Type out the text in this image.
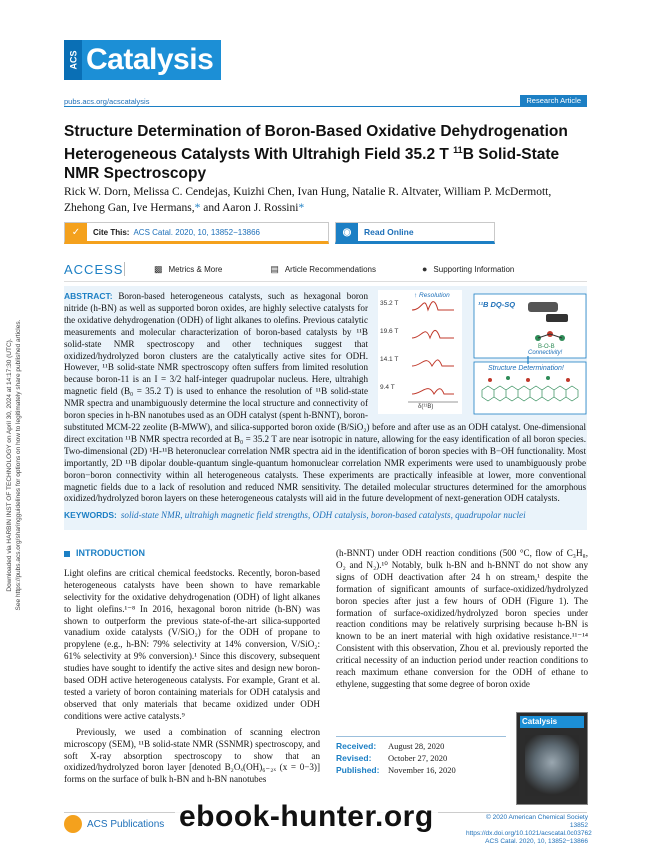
Downloaded via HARBIN INST OF TECHNOLOGY on April 30, 2024 at 14:17:30 (UTC). See https://pubs.acs.org/sharingguidelines for options on how to legitimately share published articles.
ACS Catalysis
pubs.acs.org/acscatalysis	Research Article
Structure Determination of Boron-Based Oxidative Dehydrogenation Heterogeneous Catalysts With Ultrahigh Field 35.2 T $^{11}$B Solid-State NMR Spectroscopy
Rick W. Dorn, Melissa C. Cendejas, Kuizhi Chen, Ivan Hung, Natalie R. Altvater, William P. McDermott, Zhehong Gan, Ive Hermans,* and Aaron J. Rossini*
✓	Cite This: ACS Catal. 2020, 10, 13852−13866	◉	Read Online
ACCESS	▩ Metrics & More	▤ Article Recommendations	● Supporting Information
ABSTRACT: Boron-based heterogeneous catalysts, such as hexagonal boron nitride (h-BN) as well as supported boron oxides, are highly selective catalysts for the oxidative dehydrogenation (ODH) of light alkanes to olefins. Previous catalytic measurements and molecular characterization of boron-based catalysts by ¹¹B solid-state NMR spectroscopy and other techniques suggest that oxidized/hydrolyzed boron clusters are the catalytically active sites for ODH. However, ¹¹B solid-state NMR spectroscopy often suffers from limited resolution because boron-11 is an I = 3/2 half-integer quadrupolar nucleus. Here, ultrahigh magnetic field (B₀ = 35.2 T) is used to enhance the resolution of ¹¹B solid-state NMR spectra and unambiguously determine the local structure and connectivity of boron species in h-BN nanotubes used as an ODH catalyst (spent h-BNNT), boron-substituted MCM-22 zeolite (B-MWW), and silica-supported boron oxide (B/SiO₂) before and after use as an ODH catalyst. One-dimensional direct excitation ¹¹B NMR spectra recorded at B₀ = 35.2 T are near isotropic in nature, allowing for the easy identification of all boron species. Two-dimensional (2D) ¹H-¹¹B heteronuclear correlation NMR spectra aid in the identification of boron species with B−OH functionality. Most importantly, 2D ¹¹B dipolar double-quantum single-quantum homonuclear correlation NMR experiments were used to unambiguously probe boron−boron connectivity within all heterogeneous catalysts. These experiments are practically infeasible at lower, more conventional magnetic fields due to a lack of resolution and reduced NMR sensitivity. The detailed molecular structures determined for the amorphous oxidized/hydrolyzed boron layers on these heterogeneous catalysts will aid in the future development of next-generation ODH catalysts.
35.2 T
19.6 T
14.1 T
9.4 T
↑ Resolution
δ(¹¹B)
¹¹B DQ-SQ
B-O-B
Connectivity!
Structure Determination!
KEYWORDS: solid-state NMR, ultrahigh magnetic field strengths, ODH catalysis, boron-based catalysts, quadrupolar nuclei
INTRODUCTION

Light olefins are critical chemical feedstocks. Recently, boron-based heterogeneous catalysts have been shown to have remarkable selectivity for the oxidative dehydrogenation (ODH) of light alkanes to light olefins.¹⁻⁸ In 2016, hexagonal boron nitride (h-BN) was shown to outperform the previous state-of-the-art silica-supported vanadium oxide catalysts (V/SiO₂) for the ODH of propane to propylene (e.g., h-BN: 79% selectivity at 14% conversion, V/SiO₂: 61% selectivity at 9% conversion).¹ Since this discovery, subsequent studies have sought to identify the active sites and design new boron-based ODH active heterogeneous catalysts. For example, Grant et al. tested a variety of boron containing materials for ODH catalysis and observed that only materials that became oxidized under ODH conditions were active catalysts.⁹

Previously, we used a combination of scanning electron microscopy (SEM), ¹¹B solid-state NMR (SSNMR) spectroscopy, and soft X-ray absorption spectroscopy to show that an oxidized/hydrolyzed boron layer [denoted B₂Oₓ(OH)₆₋₂ₓ (x = 0−3)] forms on the surface of bulk h-BN and h-BN nanotubes

(h-BNNT) under ODH reaction conditions (500 °C, flow of C₃H₈, O₂ and N₂).¹⁰ Notably, bulk h-BN and h-BNNT do not show any signs of ODH deactivation after 24 h on stream,¹ despite the formation of significant amounts of surface-oxidized/hydrolyzed boron species after just a few hours of ODH (Figure 1). The formation of surface-oxidized/hydrolyzed boron species under reaction conditions may be relatively surprising because h-BN is known to be an inert material with high oxidative resistance.¹¹⁻¹⁴ Consistent with this observation, Zhou et al. previously reported the critical necessity of an induction period under reaction conditions to reach maximum ethane conversion for the ODH of ethane to ethylene, suggesting that some degree of boron oxide

Received: August 28, 2020
Revised: October 27, 2020
Published: November 16, 2020
Catalysis
ACS Publications
© 2020 American Chemical Society
13852
https://dx.doi.org/10.1021/acscatal.0c03762
ACS Catal. 2020, 10, 13852−13866
ebook-hunter.org
